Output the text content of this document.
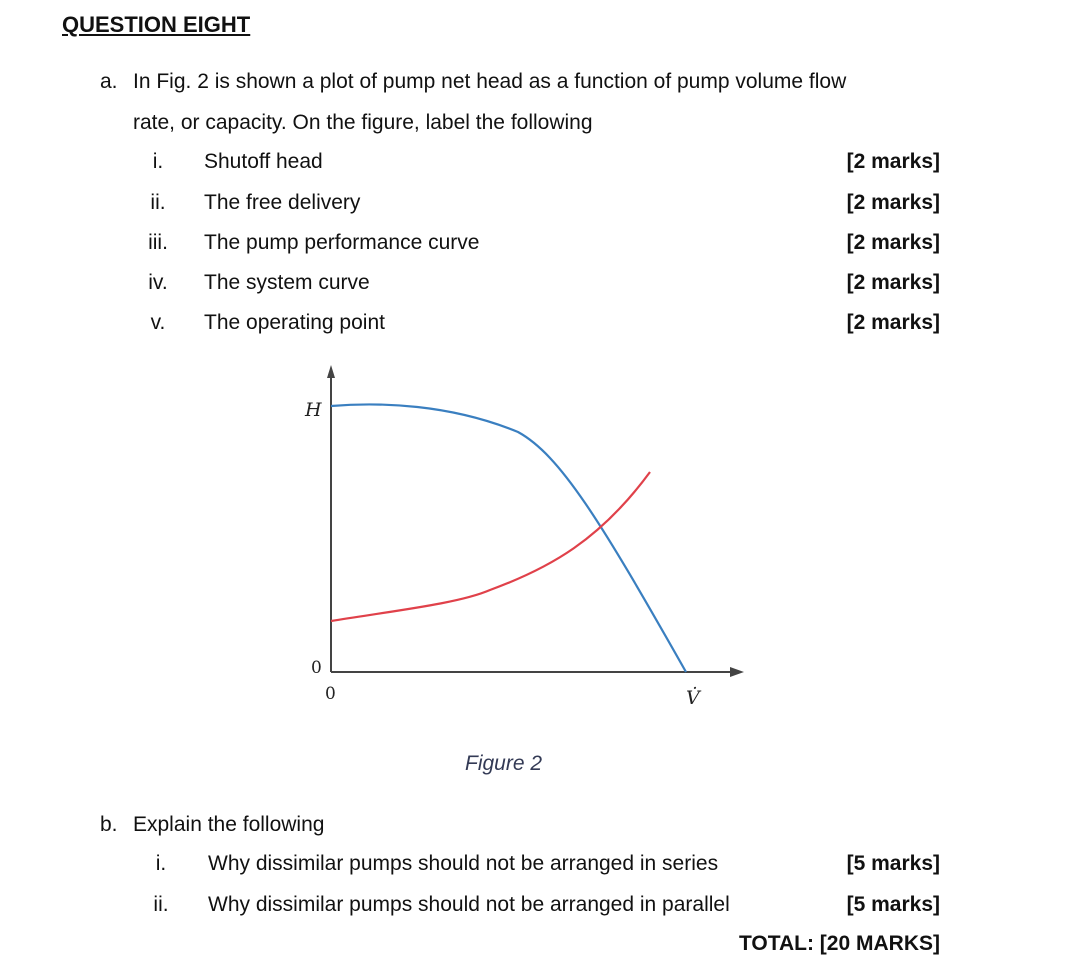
QUESTION EIGHT
a. In Fig. 2 is shown a plot of pump net head as a function of pump volume flow
rate, or capacity. On the figure, label the following
i.	Shutoff head	[2 marks]
ii.	The free delivery	[2 marks]
iii.	The pump performance curve	[2 marks]
iv.	The system curve	[2 marks]
v.	The operating point	[2 marks]
H
0
0	V̇
Figure 2
b. Explain the following
i.	Why dissimilar pumps should not be arranged in series	[5 marks]
ii.	Why dissimilar pumps should not be arranged in parallel	[5 marks]
TOTAL: [20 MARKS]
